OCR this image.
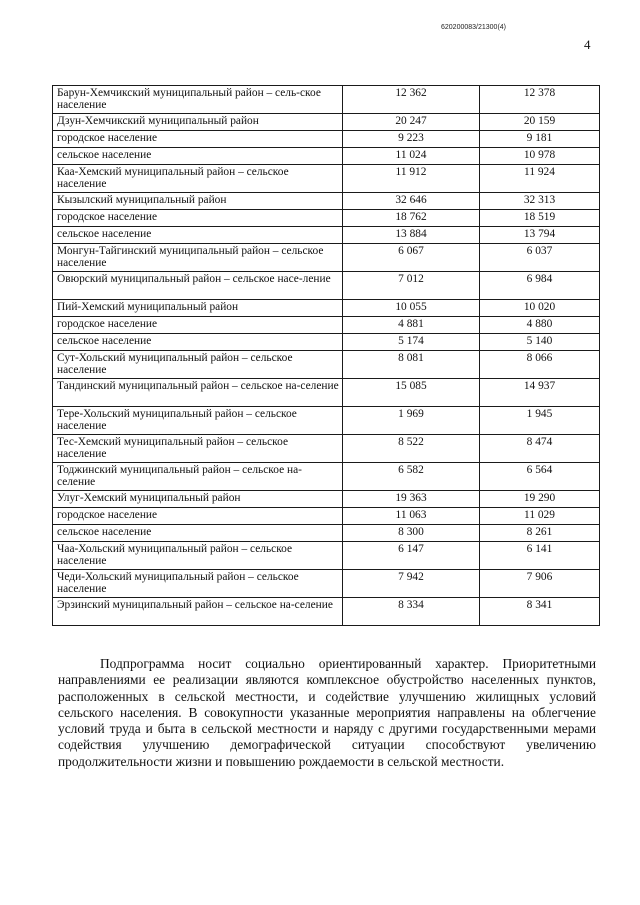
620200083/21300(4)
4
Барун-Хемчикский муниципальный район – сель-ское население	12 362	12 378
Дзун-Хемчикский муниципальный район	20 247	20 159
городское население	9 223	9 181
сельское население	11 024	10 978
Каа-Хемский муниципальный район – сельское население	11 912	11 924
Кызылский муниципальный район	32 646	32 313
городское население	18 762	18 519
сельское население	13 884	13 794
Монгун-Тайгинский муниципальный район – сельское население	6 067	6 037
Овюрский муниципальный район – сельское насе-ление	7 012	6 984
Пий-Хемский муниципальный район	10 055	10 020
городское население	4 881	4 880
сельское население	5 174	5 140
Сут-Хольский муниципальный район – сельское население	8 081	8 066
Тандинский муниципальный район – сельское на-селение	15 085	14 937
Тере-Хольский муниципальный район – сельское население	1 969	1 945
Тес-Хемский муниципальный район – сельское население	8 522	8 474
Тоджинский муниципальный район – сельское на-селение	6 582	6 564
Улуг-Хемский муниципальный район	19 363	19 290
городское население	11 063	11 029
сельское население	8 300	8 261
Чаа-Хольский муниципальный район – сельское население	6 147	6 141
Чеди-Хольский муниципальный район – сельское население	7 942	7 906
Эрзинский муниципальный район – сельское на-селение	8 334	8 341

Подпрограмма носит социально ориентированный характер. Приоритетными направлениями ее реализации являются комплексное обустройство населенных пунктов, расположенных в сельской местности, и содействие улучшению жилищных условий сельского населения. В совокупности указанные мероприятия направлены на облегчение условий труда и быта в сельской местности и наряду с другими государственными мерами содействия улучшению демографической ситуации способствуют увеличению продолжительности жизни и повышению рождаемости в сельской местности.
